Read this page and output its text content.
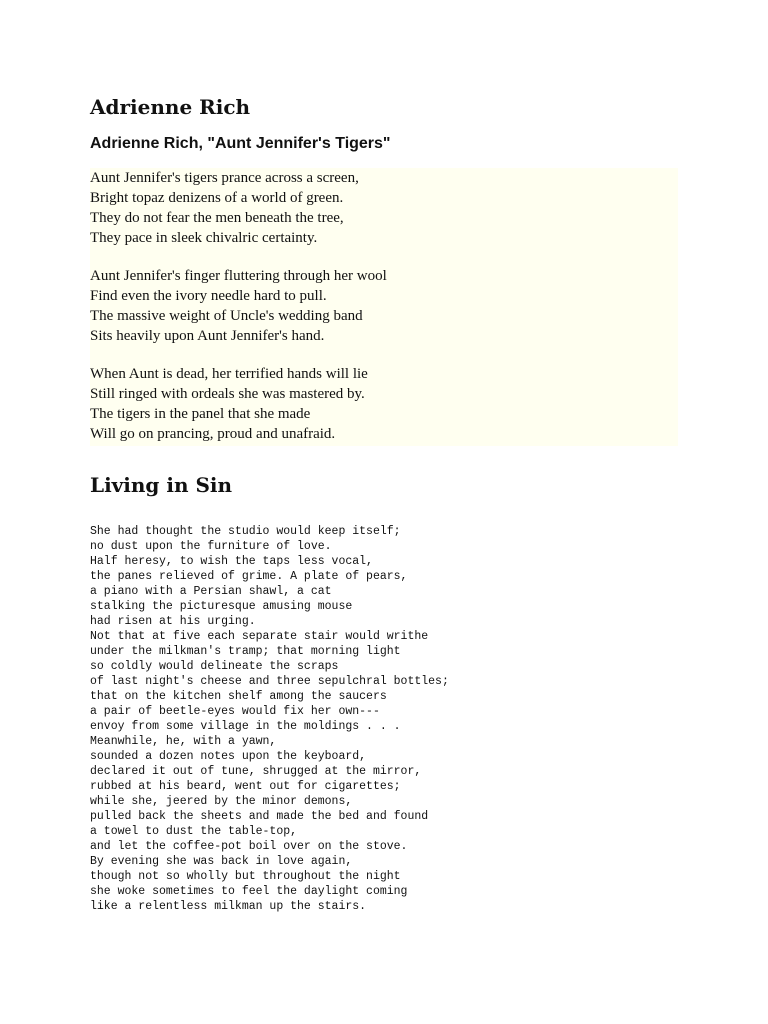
Adrienne Rich
Adrienne Rich, "Aunt Jennifer's Tigers"
Aunt Jennifer's tigers prance across a screen,
Bright topaz denizens of a world of green.
They do not fear the men beneath the tree,
They pace in sleek chivalric certainty.
Aunt Jennifer's finger fluttering through her wool
Find even the ivory needle hard to pull.
The massive weight of Uncle's wedding band
Sits heavily upon Aunt Jennifer's hand.
When Aunt is dead, her terrified hands will lie
Still ringed with ordeals she was mastered by.
The tigers in the panel that she made
Will go on prancing, proud and unafraid.
Living in Sin
She had thought the studio would keep itself;
no dust upon the furniture of love.
Half heresy, to wish the taps less vocal,
the panes relieved of grime. A plate of pears,
a piano with a Persian shawl, a cat
stalking the picturesque amusing mouse
had risen at his urging.
Not that at five each separate stair would writhe
under the milkman's tramp; that morning light
so coldly would delineate the scraps
of last night's cheese and three sepulchral bottles;
that on the kitchen shelf among the saucers
a pair of beetle-eyes would fix her own---
envoy from some village in the moldings . . .
Meanwhile, he, with a yawn,
sounded a dozen notes upon the keyboard,
declared it out of tune, shrugged at the mirror,
rubbed at his beard, went out for cigarettes;
while she, jeered by the minor demons,
pulled back the sheets and made the bed and found
a towel to dust the table-top,
and let the coffee-pot boil over on the stove.
By evening she was back in love again,
though not so wholly but throughout the night
she woke sometimes to feel the daylight coming
like a relentless milkman up the stairs.
